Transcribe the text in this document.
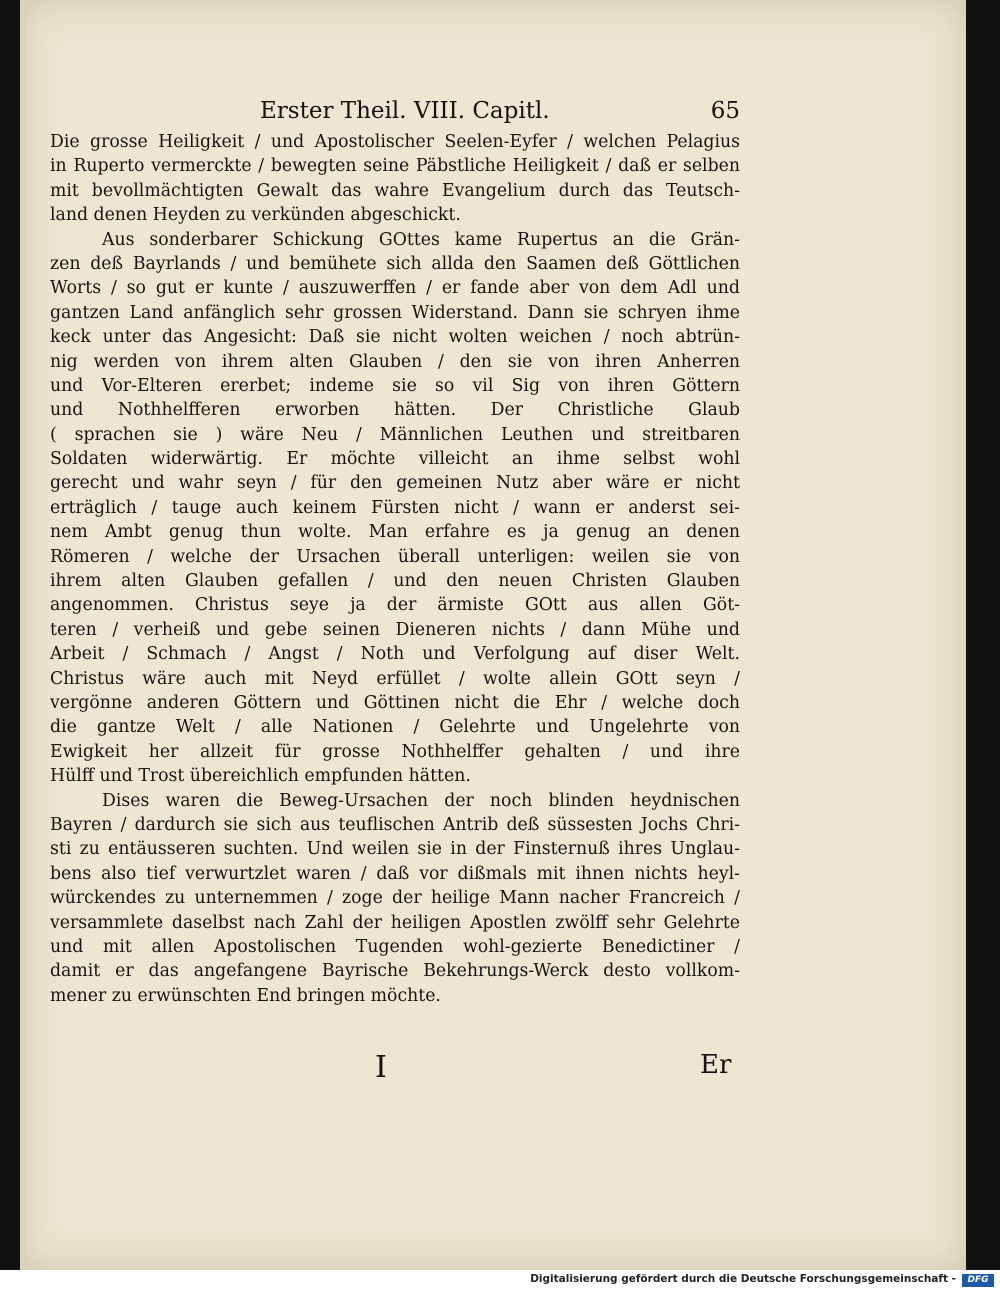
Erster Theil. VIII. Capitl.	65
Die grosse Heiligkeit / und Apostolischer Seelen-Eyfer / welchen Pelagius
in Ruperto vermerckte / bewegten seine Päbstliche Heiligkeit / daß er selben
mit bevollmächtigten Gewalt das wahre Evangelium durch das Teutsch-
land denen Heyden zu verkünden abgeschickt.
Aus sonderbarer Schickung GOttes kame Rupertus an die Grän-
zen deß Bayrlands / und bemühete sich allda den Saamen deß Göttlichen
Worts / so gut er kunte / auszuwerffen / er fande aber von dem Adl und
gantzen Land anfänglich sehr grossen Widerstand. Dann sie schryen ihme
keck unter das Angesicht: Daß sie nicht wolten weichen / noch abtrün-
nig werden von ihrem alten Glauben / den sie von ihren Anherren
und Vor-Elteren ererbet; indeme sie so vil Sig von ihren Göttern
und Nothhelfferen erworben hätten. Der Christliche Glaub
( sprachen sie ) wäre Neu / Männlichen Leuthen und streitbaren
Soldaten widerwärtig. Er möchte villeicht an ihme selbst wohl
gerecht und wahr seyn / für den gemeinen Nutz aber wäre er nicht
erträglich / tauge auch keinem Fürsten nicht / wann er anderst sei-
nem Ambt genug thun wolte. Man erfahre es ja genug an denen
Römeren / welche der Ursachen überall unterligen: weilen sie von
ihrem alten Glauben gefallen / und den neuen Christen Glauben
angenommen. Christus seye ja der ärmiste GOtt aus allen Göt-
teren / verheiß und gebe seinen Dieneren nichts / dann Mühe und
Arbeit / Schmach / Angst / Noth und Verfolgung auf diser Welt.
Christus wäre auch mit Neyd erfüllet / wolte allein GOtt seyn /
vergönne anderen Göttern und Göttinen nicht die Ehr / welche doch
die gantze Welt / alle Nationen / Gelehrte und Ungelehrte von
Ewigkeit her allzeit für grosse Nothhelffer gehalten / und ihre
Hülff und Trost übereichlich empfunden hätten.
Dises waren die Beweg-Ursachen der noch blinden heydnischen
Bayren / dardurch sie sich aus teuflischen Antrib deß süssesten Jochs Chri-
sti zu entäusseren suchten. Und weilen sie in der Finsternuß ihres Unglau-
bens also tief verwurtzlet waren / daß vor dißmals mit ihnen nichts heyl-
würckendes zu unternemmen / zoge der heilige Mann nacher Francreich /
versammlete daselbst nach Zahl der heiligen Apostlen zwölff sehr Gelehrte
und mit allen Apostolischen Tugenden wohl-gezierte Benedictiner /
damit er das angefangene Bayrische Bekehrungs-Werck desto vollkom-
mener zu erwünschten End bringen möchte.
I	Er
Digitalisierung gefördert durch die Deutsche Forschungsgemeinschaft -	DFG
